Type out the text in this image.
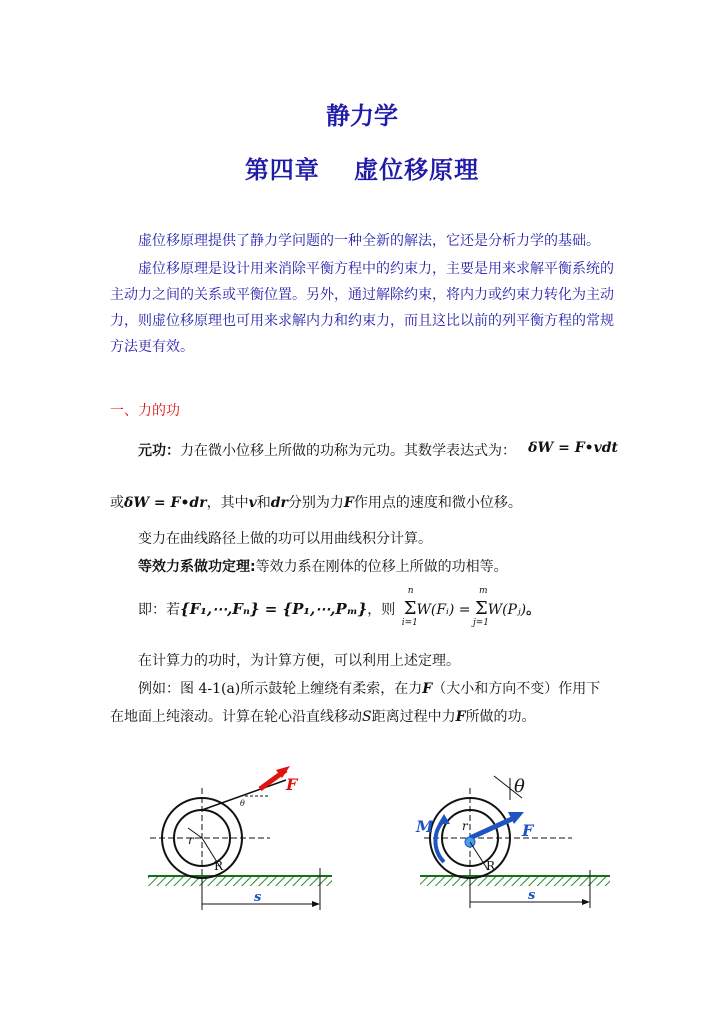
静力学
第四章　 虚位移原理
虚位移原理提供了静力学问题的一种全新的解法，它还是分析力学的基础。
虚位移原理是设计用来消除平衡方程中的约束力，主要是用来求解平衡系统的主动力之间的关系或平衡位置。另外，通过解除约束，将内力或约束力转化为主动力，则虚位移原理也可用来求解内力和约束力，而且这比以前的列平衡方程的常规方法更有效。
一、力的功
元功：力在微小位移上所做的功称为元功。其数学表达式为： δW = F•vdt
或δW = F•dr，其中v和dr分别为力F作用点的速度和微小位移。
变力在曲线路径上做的功可以用曲线积分计算。
等效力系做功定理:等效力系在刚体的位移上所做的功相等。
即：若{F₁,⋯,Fₙ} = {P₁,⋯,Pₘ}，则
n
Σ
i=1
W(Fᵢ) =
m
Σ
j=1
W(Pⱼ)。
在计算力的功时，为计算方便，可以利用上述定理。
例如：图 4-1(a)所示鼓轮上缠绕有柔索，在力F（大小和方向不变）作用下
在地面上纯滚动。计算在轮心沿直线移动S距离过程中力F所做的功。
F
θ
r
R
s
F
θ
M r
R
s
